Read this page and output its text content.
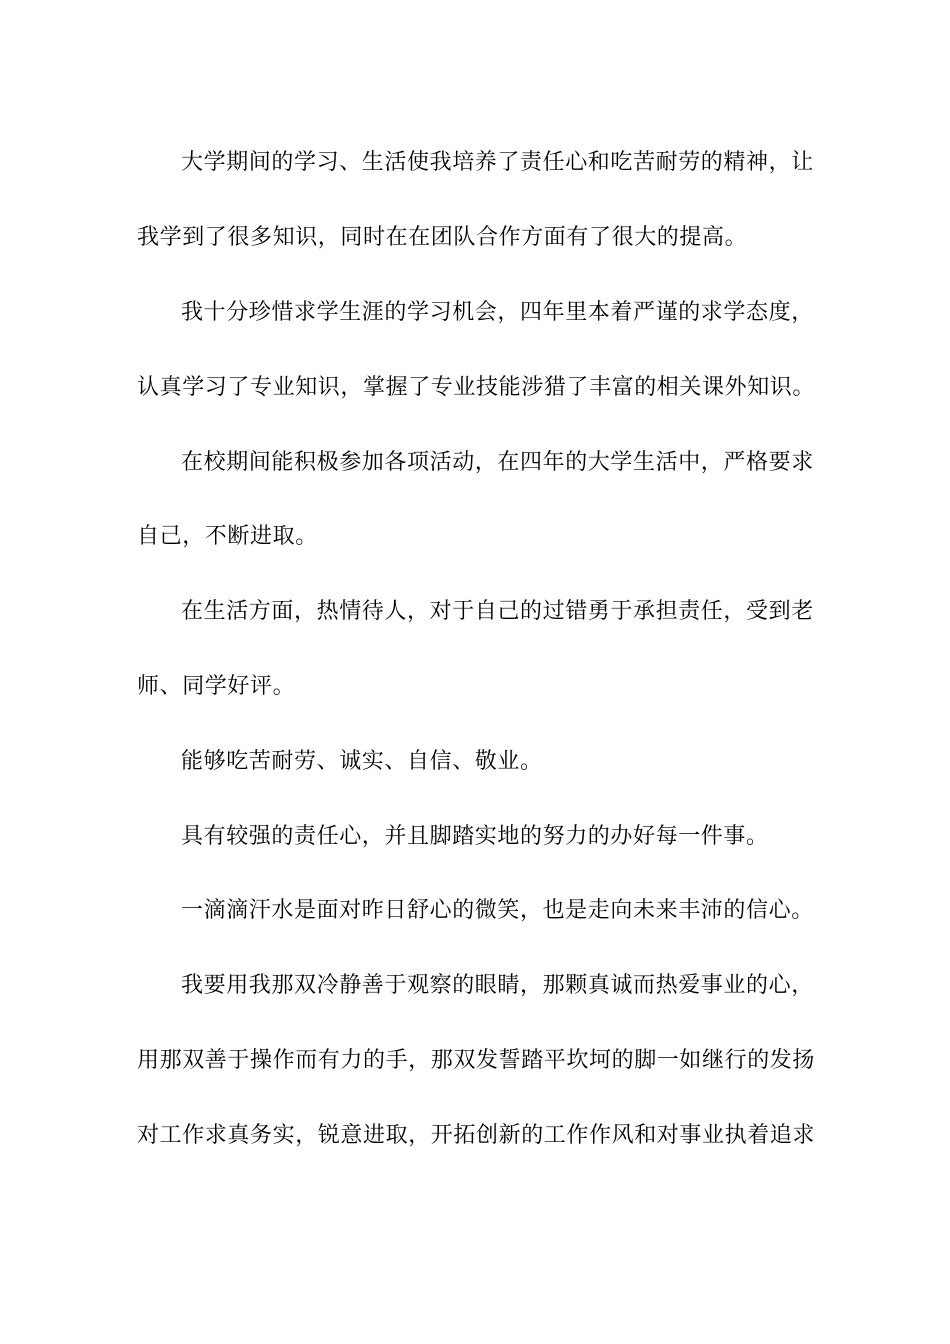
大学期间的学习、生活使我培养了责任心和吃苦耐劳的精神，让
我学到了很多知识，同时在在团队合作方面有了很大的提高。
我十分珍惜求学生涯的学习机会，四年里本着严谨的求学态度，
认真学习了专业知识，掌握了专业技能涉猎了丰富的相关课外知识。
在校期间能积极参加各项活动，在四年的大学生活中，严格要求
自己，不断进取。
在生活方面，热情待人，对于自己的过错勇于承担责任，受到老
师、同学好评。
能够吃苦耐劳、诚实、自信、敬业。
具有较强的责任心，并且脚踏实地的努力的办好每一件事。
一滴滴汗水是面对昨日舒心的微笑，也是走向未来丰沛的信心。
我要用我那双冷静善于观察的眼睛，那颗真诚而热爱事业的心，
用那双善于操作而有力的手，那双发誓踏平坎坷的脚一如继行的发扬
对工作求真务实，锐意进取，开拓创新的工作作风和对事业执着追求
